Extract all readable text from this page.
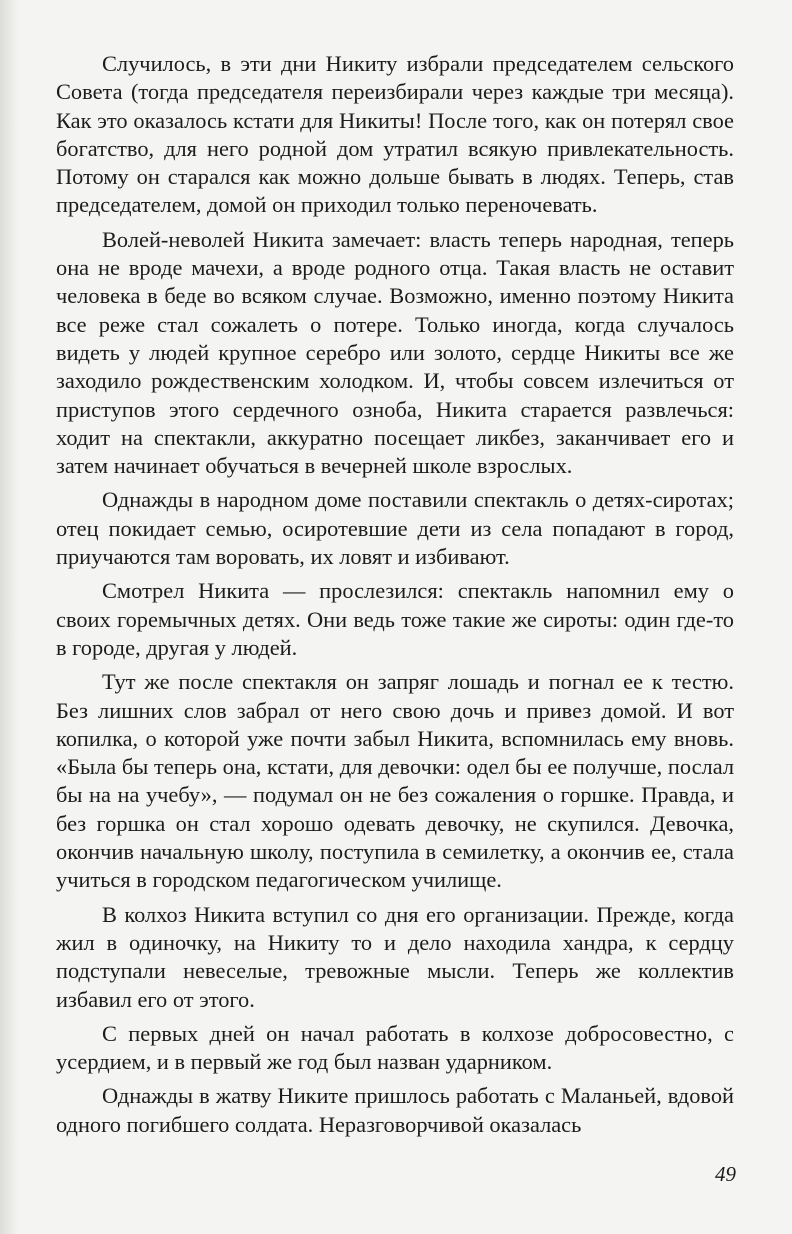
Случилось, в эти дни Никиту избрали председателем сельского Совета (тогда председателя переизбирали через каждые три месяца). Как это оказалось кстати для Никиты! После того, как он потерял свое богатство, для него родной дом утратил всякую привлекательность. Потому он старался как можно дольше бывать в людях. Теперь, став председателем, домой он приходил только переночевать.

Волей-неволей Никита замечает: власть теперь народная, теперь она не вроде мачехи, а вроде родного отца. Такая власть не оставит человека в беде во всяком случае. Возможно, именно поэтому Никита все реже стал сожалеть о потере. Только иногда, когда случалось видеть у людей крупное серебро или золото, сердце Никиты все же заходило рождественским холодком. И, чтобы совсем излечиться от приступов этого сердечного озноба, Никита старается развлечься: ходит на спектакли, аккуратно посещает ликбез, заканчивает его и затем начинает обучаться в вечерней школе взрослых.

Однажды в народном доме поставили спектакль о детях-сиротах; отец покидает семью, осиротевшие дети из села попадают в город, приучаются там воровать, их ловят и избивают.

Смотрел Никита — прослезился: спектакль напомнил ему о своих горемычных детях. Они ведь тоже такие же сироты: один где-то в городе, другая у людей.

Тут же после спектакля он запряг лошадь и погнал ее к тестю. Без лишних слов забрал от него свою дочь и привез домой. И вот копилка, о которой уже почти забыл Никита, вспомнилась ему вновь. «Была бы теперь она, кстати, для девочки: одел бы ее получше, послал бы на на учебу», — подумал он не без сожаления о горшке. Правда, и без горшка он стал хорошо одевать девочку, не скупился. Девочка, окончив начальную школу, поступила в семилетку, а окончив ее, стала учиться в городском педагогическом училище.

В колхоз Никита вступил со дня его организации. Прежде, когда жил в одиночку, на Никиту то и дело находила хандра, к сердцу подступали невеселые, тревожные мысли. Теперь же коллектив избавил его от этого.

С первых дней он начал работать в колхозе добросовестно, с усердием, и в первый же год был назван ударником.

Однажды в жатву Никите пришлось работать с Маланьей, вдовой одного погибшего солдата. Неразговорчивой оказалась

49
